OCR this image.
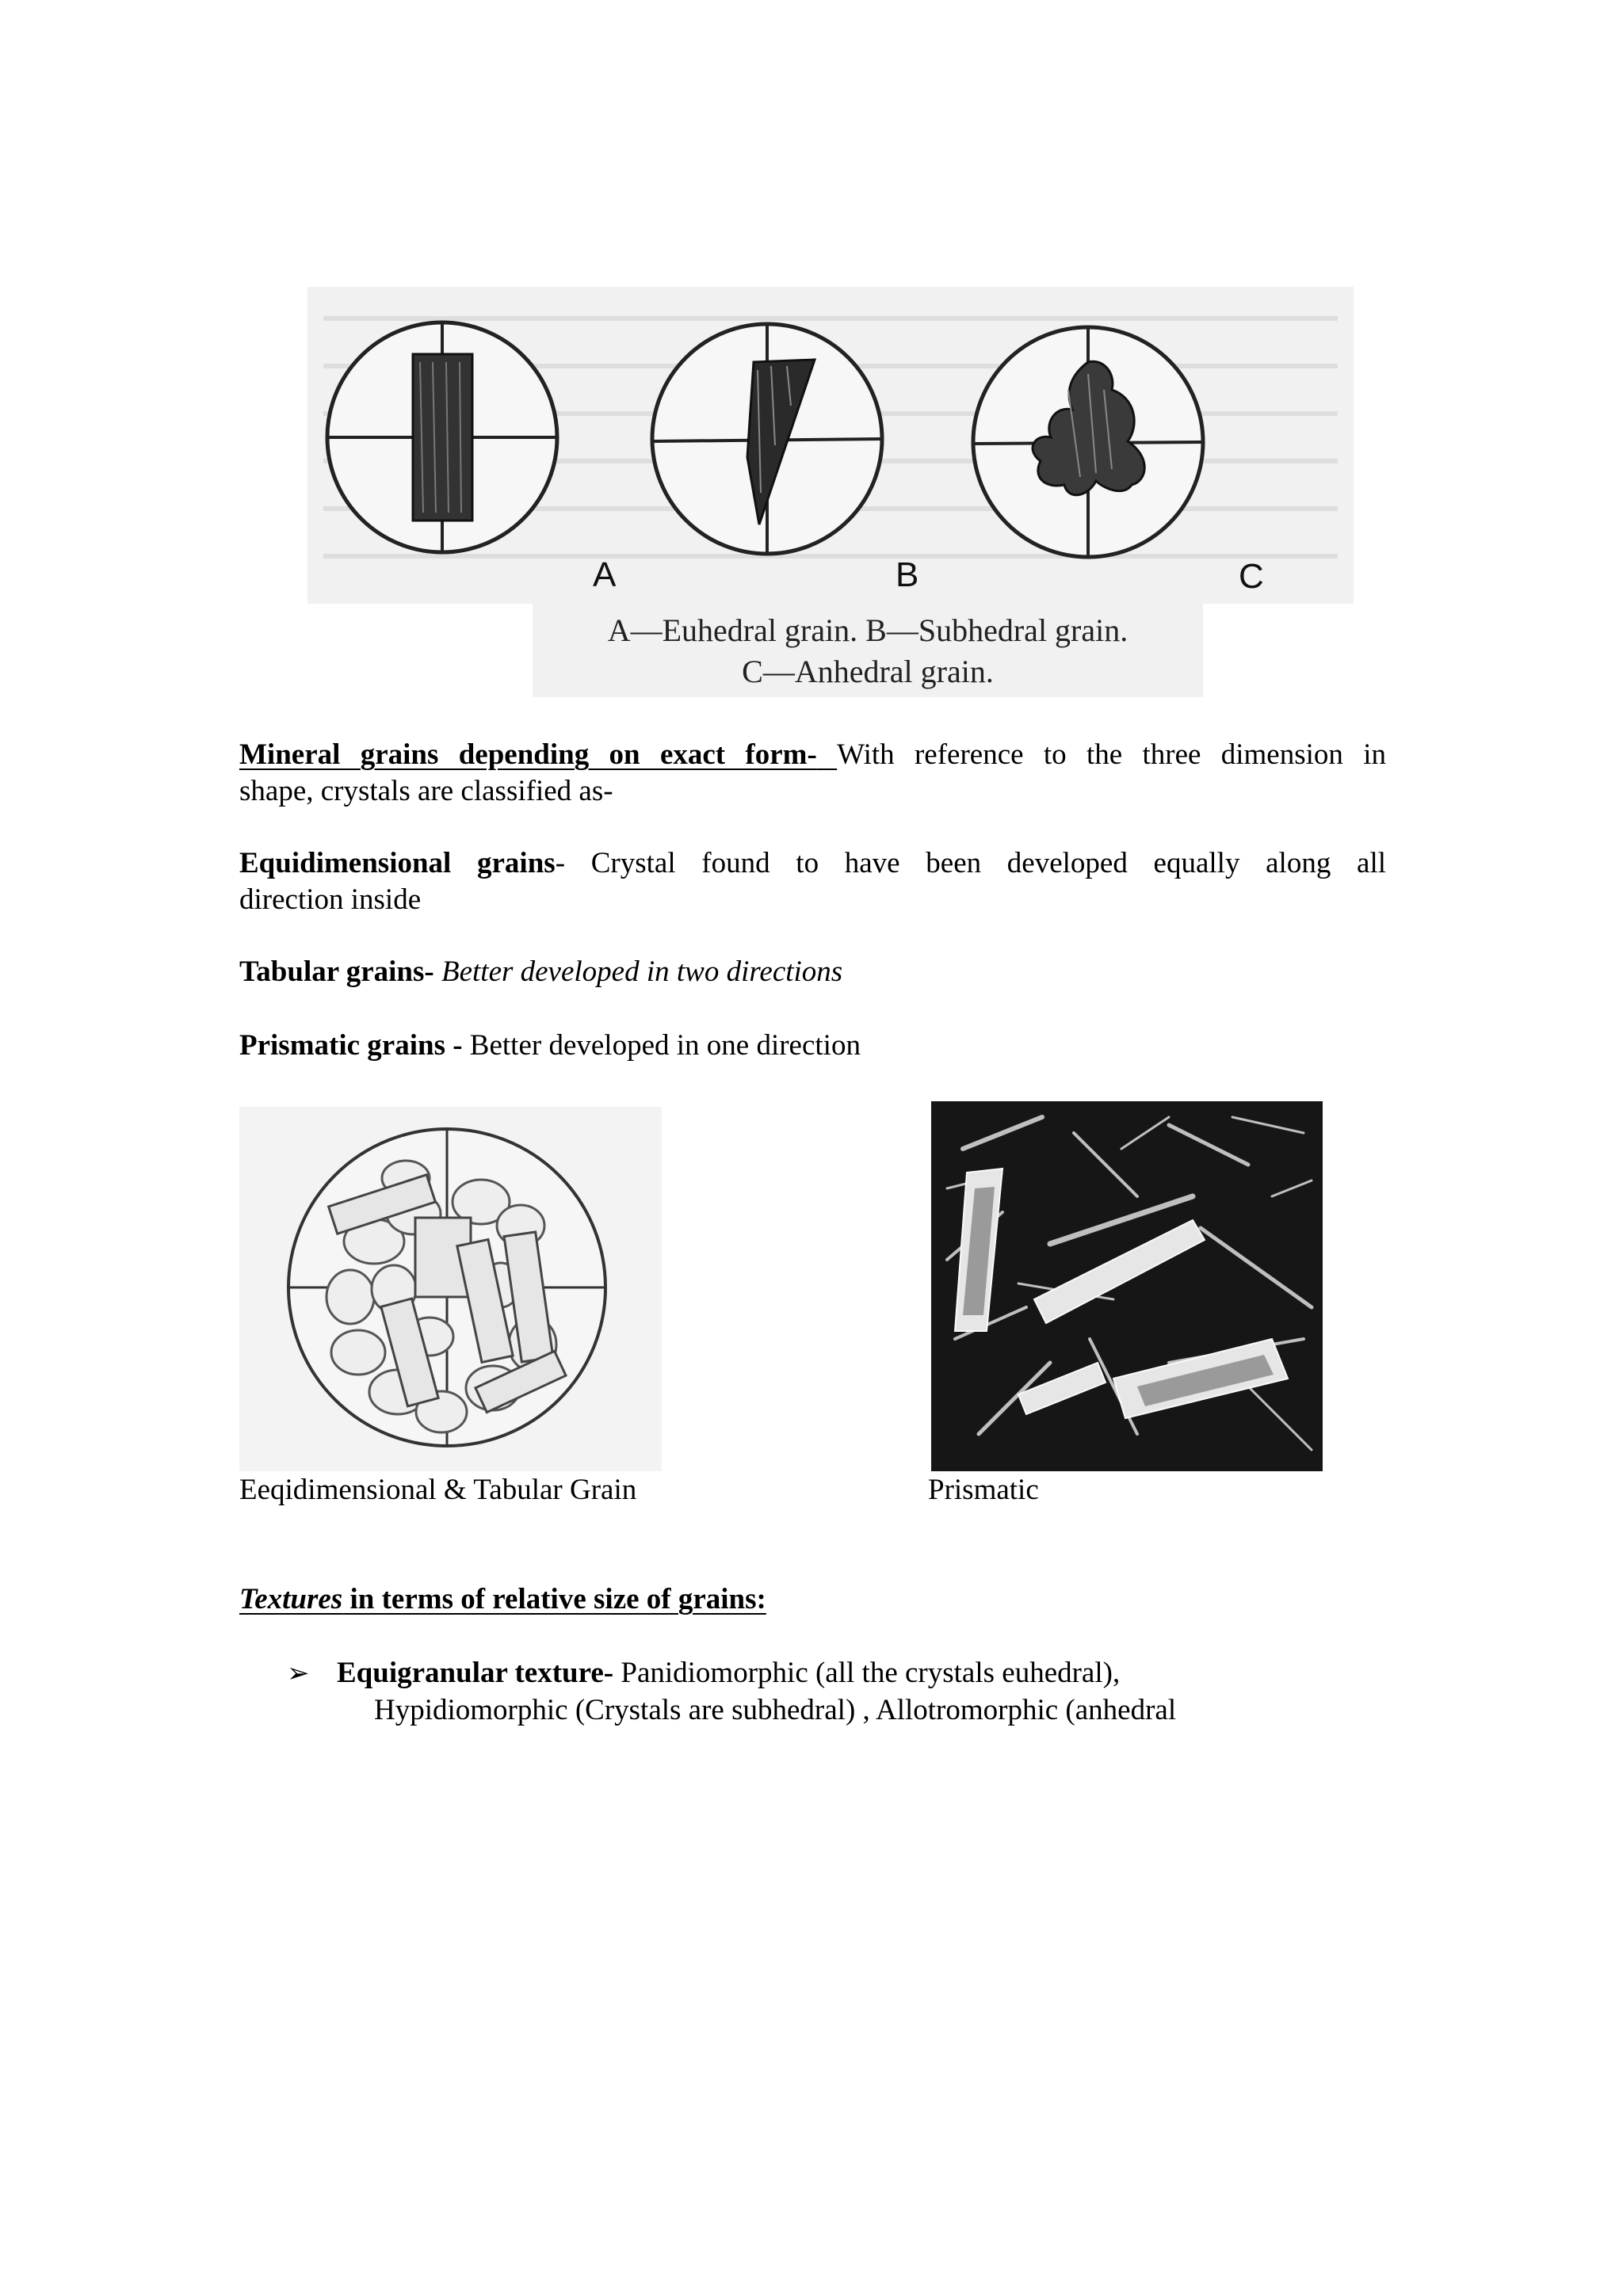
A	B	C
A—Euhedral grain. B—Subhedral grain.
C—Anhedral grain.

Mineral grains depending on exact form- With reference to the three dimension in

shape, crystals are classified as-

Equidimensional grains- Crystal found to have been developed equally along all

direction inside

Tabular grains- Better developed in two directions

Prismatic grains - Better developed in one direction

Eeqidimensional & Tabular Grain	Prismatic
Textures in terms of relative size of grains:

➢ Equigranular texture- Panidiomorphic (all the crystals euhedral),

Hypidiomorphic (Crystals are subhedral) , Allotromorphic (anhedral
